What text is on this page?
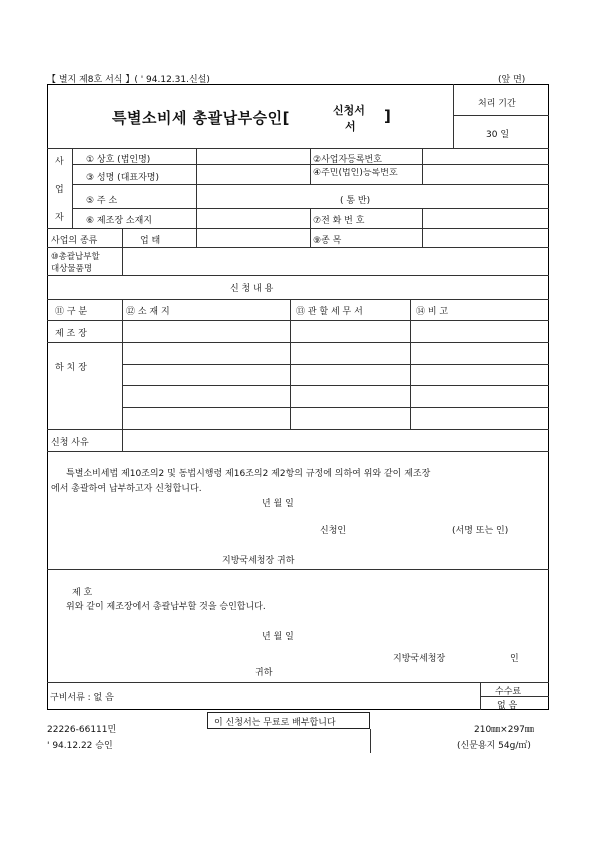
【 별지 제8호 서식 】( ' 94.12.31.신설)	(앞 면)
특별소비세 총괄납부승인[	신청서
서
]
처리 기간
30 일
사
업
자
① 상호 (법인명)	②사업자등록번호
③ 성명 (대표자명)	④주민(법인)등록번호
⑤ 주 소	( 통 반)
⑥ 제조장 소재지	⑦전 화 번 호
사업의 종류	업 태	⑨종 목
⑩총괄납부할
대상물품명
신 청 내 용
⑪ 구 분	⑫ 소 재 지	⑬ 관 할 세 무 서	⑭ 비 고
제 조 장
하 치 장
신청 사유
특별소비세법 제10조의2 및 동법시행령 제16조의2 제2항의 규정에 의하여 위와 같이 제조장
에서 총괄하여 납부하고자 신청합니다.
년 월 일
신청인	(서명 또는 인)
지방국세청장 귀하
제 호
위와 같이 제조장에서 총괄납부할 것을 승인합니다.
년 월 일
지방국세청장	인
귀하
구비서류 : 없 음
수수료
없 음
이 신청서는 무료로 배부합니다
22226-66111민
' 94.12.22 승인
210㎜×297㎜
(신문용지 54g/㎡)
